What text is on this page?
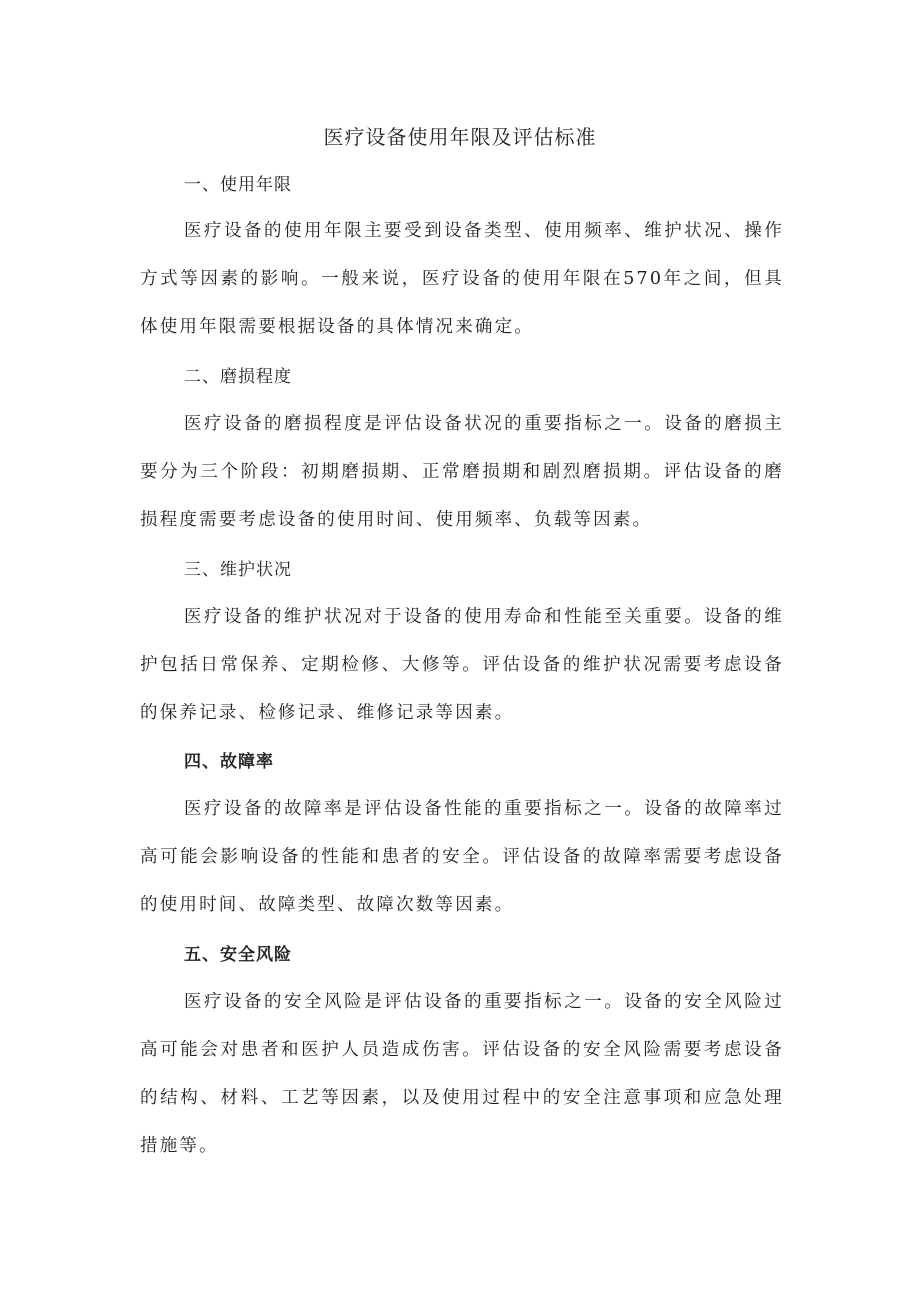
医疗设备使用年限及评估标准
一、使用年限
医疗设备的使用年限主要受到设备类型、使用频率、维护状况、操作方式等因素的影响。一般来说，医疗设备的使用年限在570年之间，但具体使用年限需要根据设备的具体情况来确定。
二、磨损程度
医疗设备的磨损程度是评估设备状况的重要指标之一。设备的磨损主要分为三个阶段：初期磨损期、正常磨损期和剧烈磨损期。评估设备的磨损程度需要考虑设备的使用时间、使用频率、负载等因素。
三、维护状况
医疗设备的维护状况对于设备的使用寿命和性能至关重要。设备的维护包括日常保养、定期检修、大修等。评估设备的维护状况需要考虑设备的保养记录、检修记录、维修记录等因素。
四、故障率
医疗设备的故障率是评估设备性能的重要指标之一。设备的故障率过高可能会影响设备的性能和患者的安全。评估设备的故障率需要考虑设备的使用时间、故障类型、故障次数等因素。
五、安全风险
医疗设备的安全风险是评估设备的重要指标之一。设备的安全风险过高可能会对患者和医护人员造成伤害。评估设备的安全风险需要考虑设备的结构、材料、工艺等因素，以及使用过程中的安全注意事项和应急处理措施等。
